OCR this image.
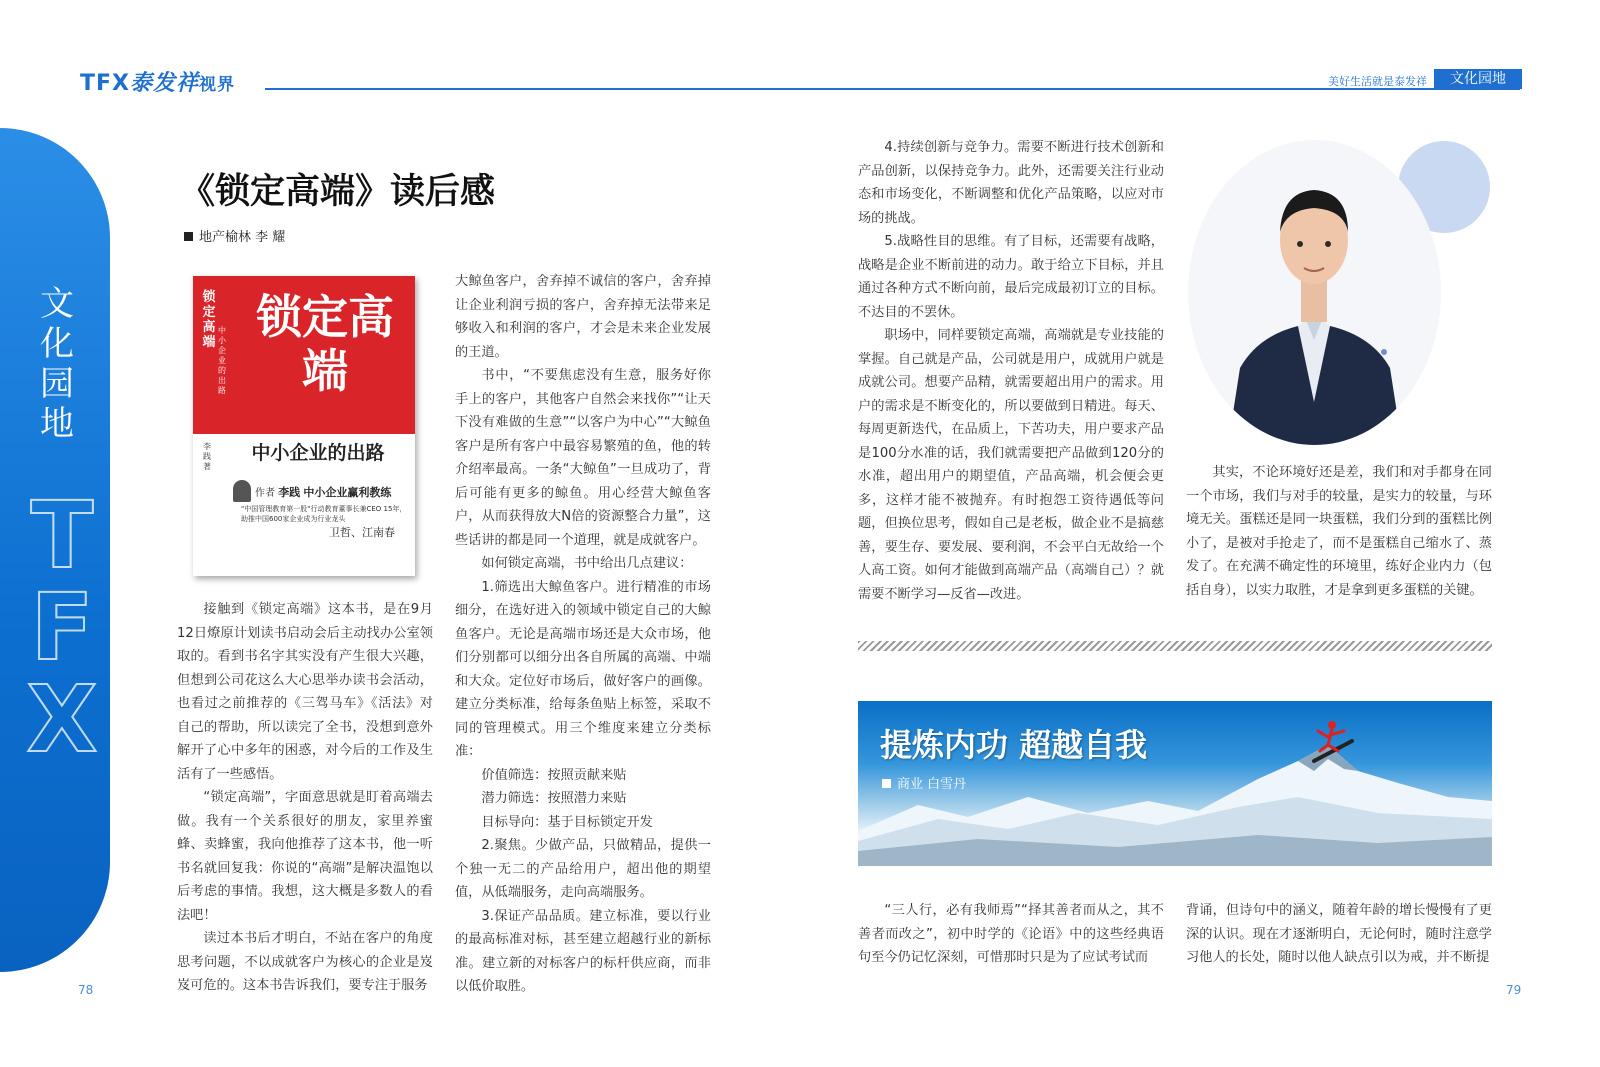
TFX泰发祥视界	美好生活就是泰发祥	文化园地
文化园地
T
F
X
《锁定高端》读后感
地产榆林 李 耀
锁定高端
中小企业的出路
锁定高端
李践 著
中小企业的出路
作者 李践 中小企业赢利教练
"中国管理教育第一股"行动教育董事长兼CEO 15年，助推中国600家企业成为行业龙头
卫哲、江南春

接触到《锁定高端》这本书，是在9月12日燎原计划读书启动会后主动找办公室领取的。看到书名字其实没有产生很大兴趣，但想到公司花这么大心思举办读书会活动，也看过之前推荐的《三驾马车》《活法》对自己的帮助，所以读完了全书，没想到意外解开了心中多年的困惑，对今后的工作及生活有了一些感悟。

“锁定高端”，字面意思就是盯着高端去做。我有一个关系很好的朋友，家里养蜜蜂、卖蜂蜜，我向他推荐了这本书，他一听书名就回复我：你说的“高端”是解决温饱以后考虑的事情。我想，这大概是多数人的看法吧！

读过本书后才明白，不站在客户的角度思考问题，不以成就客户为核心的企业是岌岌可危的。这本书告诉我们，要专注于服务

大鲸鱼客户，舍弃掉不诚信的客户，舍弃掉让企业利润亏损的客户，舍弃掉无法带来足够收入和利润的客户，才会是未来企业发展的王道。

书中，“不要焦虑没有生意，服务好你手上的客户，其他客户自然会来找你”“让天下没有难做的生意”“以客户为中心”“大鲸鱼客户是所有客户中最容易繁殖的鱼，他的转介绍率最高。一条“大鲸鱼”一旦成功了，背后可能有更多的鲸鱼。用心经营大鲸鱼客户，从而获得放大N倍的资源整合力量”，这些话讲的都是同一个道理，就是成就客户。

如何锁定高端，书中给出几点建议：

1.筛选出大鲸鱼客户。进行精准的市场细分，在选好进入的领域中锁定自己的大鲸鱼客户。无论是高端市场还是大众市场，他们分别都可以细分出各自所属的高端、中端和大众。定位好市场后，做好客户的画像。建立分类标准，给每条鱼贴上标签，采取不同的管理模式。用三个维度来建立分类标准：

价值筛选：按照贡献来贴

潜力筛选：按照潜力来贴

目标导向：基于目标锁定开发

2.聚焦。少做产品，只做精品，提供一个独一无二的产品给用户，超出他的期望值，从低端服务，走向高端服务。

3.保证产品品质。建立标准，要以行业的最高标准对标，甚至建立超越行业的新标准。建立新的对标客户的标杆供应商，而非以低价取胜。

4.持续创新与竞争力。需要不断进行技术创新和产品创新，以保持竞争力。此外，还需要关注行业动态和市场变化，不断调整和优化产品策略，以应对市场的挑战。

5.战略性目的思维。有了目标，还需要有战略，战略是企业不断前进的动力。敢于给立下目标，并且通过各种方式不断向前，最后完成最初订立的目标。不达目的不罢休。

职场中，同样要锁定高端，高端就是专业技能的掌握。自己就是产品，公司就是用户，成就用户就是成就公司。想要产品精，就需要超出用户的需求。用户的需求是不断变化的，所以要做到日精进。每天、每周更新迭代，在品质上，下苦功夫，用户要求产品是100分水准的话，我们就需要把产品做到120分的水准，超出用户的期望值，产品高端，机会便会更多，这样才能不被抛弃。有时抱怨工资待遇低等问题，但换位思考，假如自己是老板，做企业不是搞慈善，要生存、要发展、要利润，不会平白无故给一个人高工资。如何才能做到高端产品（高端自己）？就需要不断学习—反省—改进。

其实，不论环境好还是差，我们和对手都身在同一个市场，我们与对手的较量，是实力的较量，与环境无关。蛋糕还是同一块蛋糕，我们分到的蛋糕比例小了，是被对手抢走了，而不是蛋糕自己缩水了、蒸发了。在充满不确定性的环境里，练好企业内力（包括自身），以实力取胜，才是拿到更多蛋糕的关键。

提炼内功 超越自我
商业 白雪丹

“三人行，必有我师焉”“择其善者而从之，其不善者而改之”，初中时学的《论语》中的这些经典语句至今仍记忆深刻，可惜那时只是为了应试考试而

背诵，但诗句中的涵义，随着年龄的增长慢慢有了更深的认识。现在才逐渐明白，无论何时，随时注意学习他人的长处，随时以他人缺点引以为戒，并不断提

78	79
